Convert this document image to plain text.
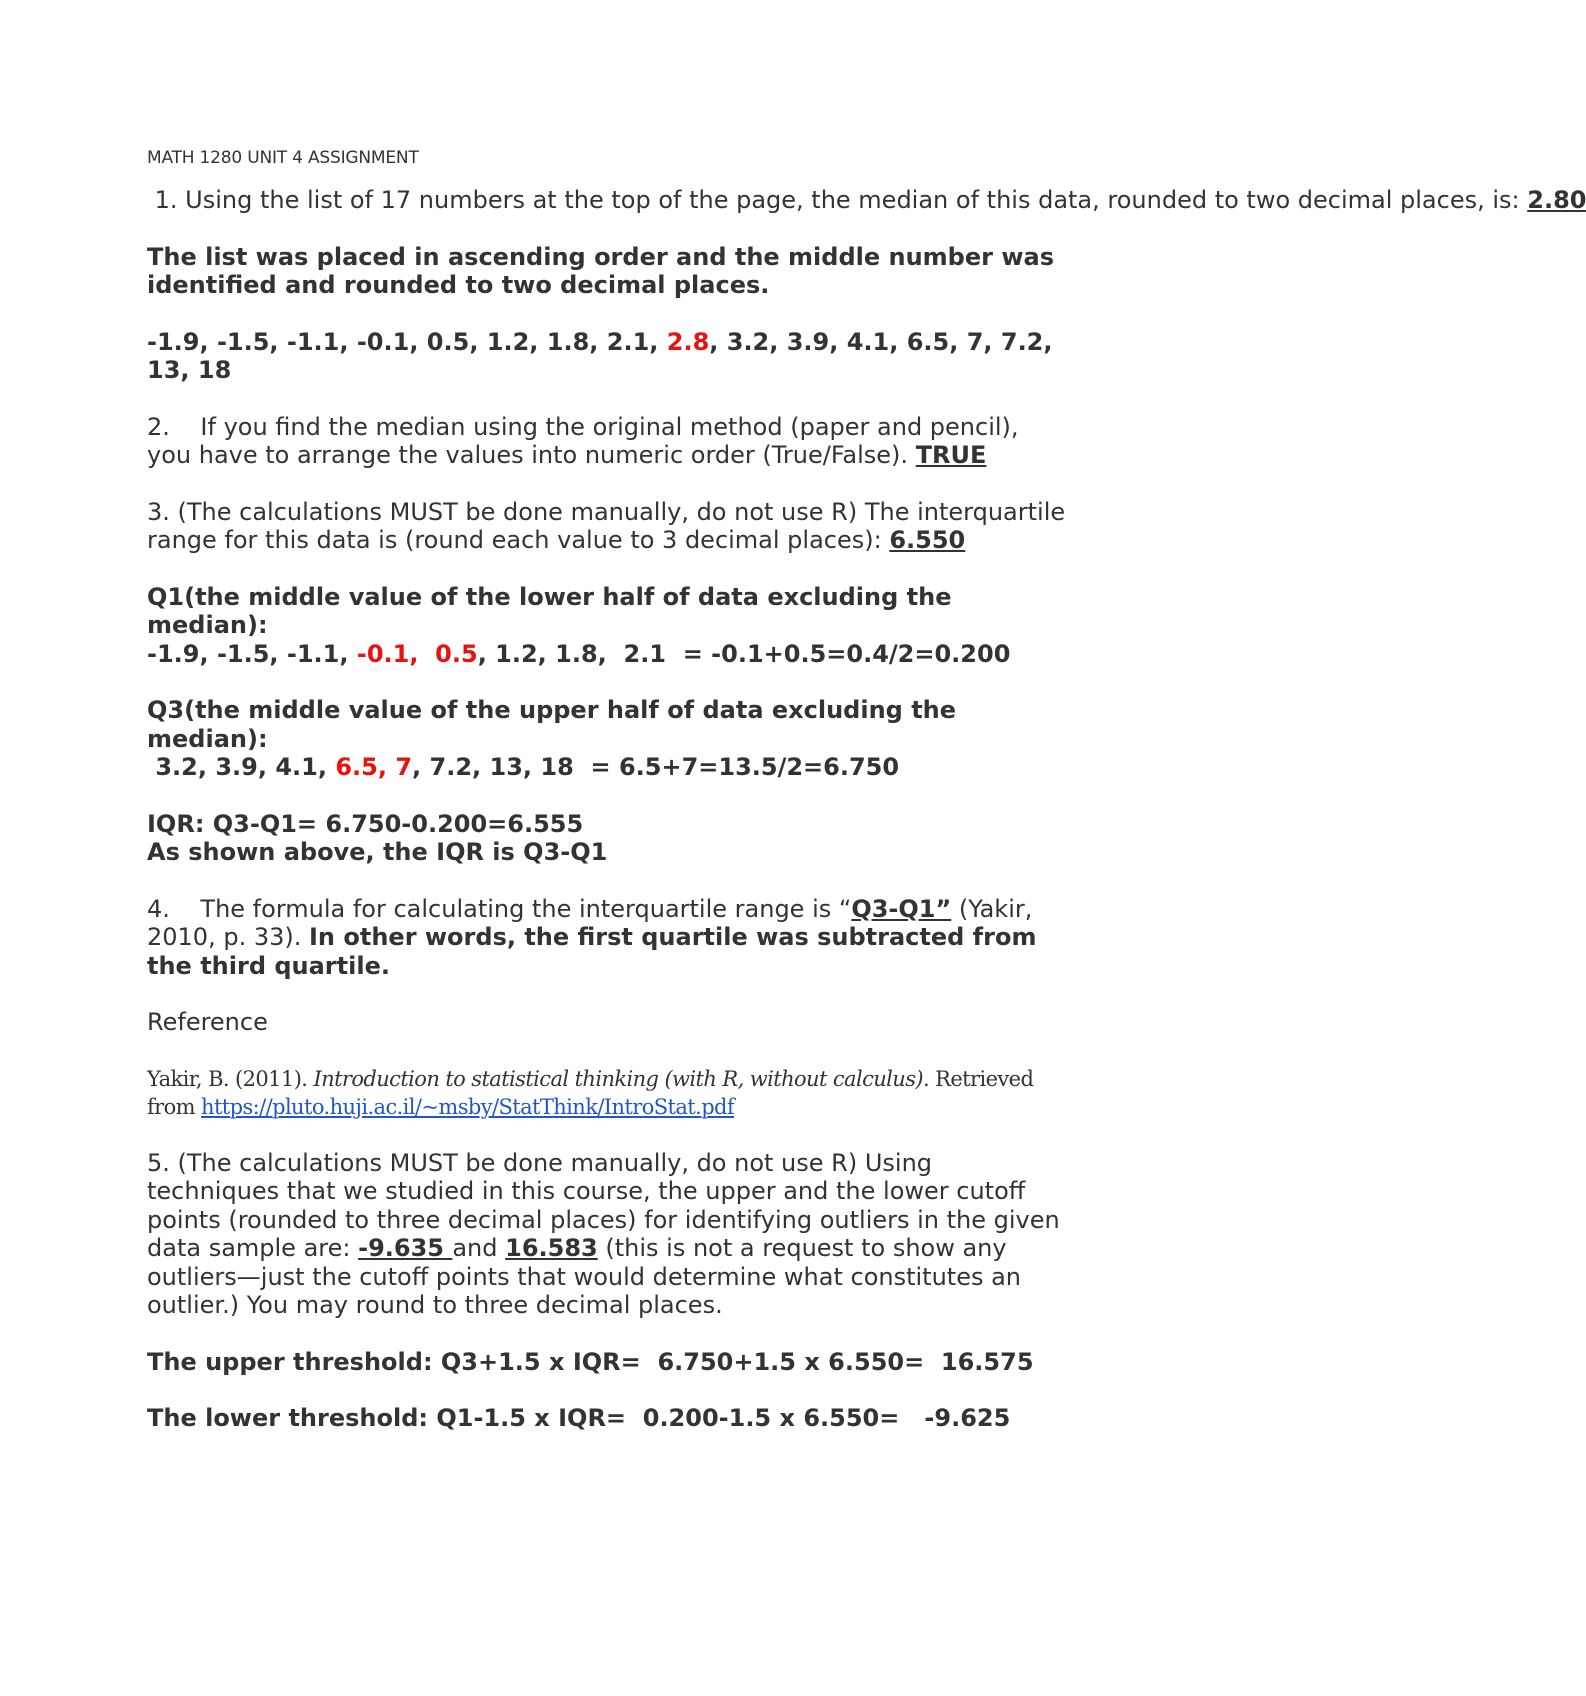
MATH 1280 UNIT 4 ASSIGNMENT

1. Using the list of 17 numbers at the top of the page, the median of this data, rounded to two decimal places, is: 2.80

The list was placed in ascending order and the middle number was identified and rounded to two decimal places.

-1.9, -1.5, -1.1, -0.1, 0.5, 1.2, 1.8, 2.1, 2.8, 3.2, 3.9, 4.1, 6.5, 7, 7.2, 13, 18

2.    If you find the median using the original method (paper and pencil), you have to arrange the values into numeric order (True/False). TRUE

3. (The calculations MUST be done manually, do not use R) The interquartile range for this data is (round each value to 3 decimal places): 6.550

Q1(the middle value of the lower half of data excluding the median):
-1.9, -1.5, -1.1, -0.1,  0.5, 1.2, 1.8,  2.1  = -0.1+0.5=0.4/2=0.200

Q3(the middle value of the upper half of data excluding the median):
3.2, 3.9, 4.1, 6.5, 7, 7.2, 13, 18  = 6.5+7=13.5/2=6.750

IQR: Q3-Q1= 6.750-0.200=6.555
As shown above, the IQR is Q3-Q1

4.    The formula for calculating the interquartile range is “Q3-Q1” (Yakir, 2010, p. 33). In other words, the first quartile was subtracted from the third quartile.

Reference

Yakir, B. (2011). Introduction to statistical thinking (with R, without calculus). Retrieved from https://pluto.huji.ac.il/~msby/StatThink/IntroStat.pdf

5. (The calculations MUST be done manually, do not use R) Using techniques that we studied in this course, the upper and the lower cutoff points (rounded to three decimal places) for identifying outliers in the given data sample are: -9.635 and 16.583 (this is not a request to show any outliers—just the cutoff points that would determine what constitutes an outlier.) You may round to three decimal places.

The upper threshold: Q3+1.5 x IQR=  6.750+1.5 x 6.550=  16.575

The lower threshold: Q1-1.5 x IQR=  0.200-1.5 x 6.550=   -9.625
